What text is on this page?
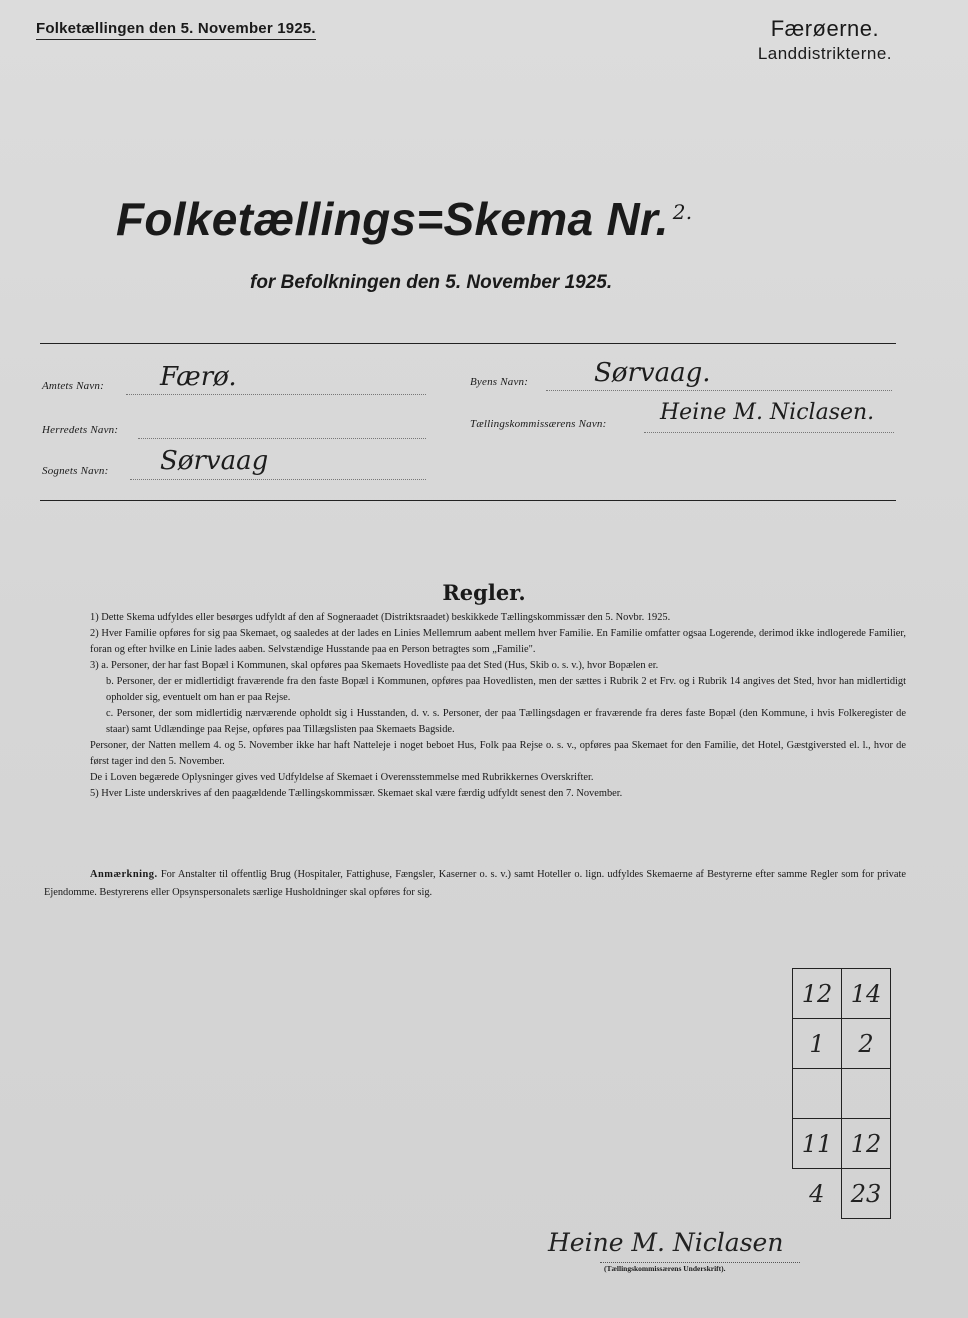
Folketællingen den 5. November 1925.	Færøerne.
Landdistrikterne.
Folketællings=Skema Nr. $^{2.}$
for Befolkningen den 5. November 1925.
Amtets Navn: Færø.
Herredets Navn:
Sognets Navn: Sørvaag
Byens Navn:	Sørvaag.
Tællingskommissærens Navn: Heine M. Niclasen.
Regler.

1) Dette Skema udfyldes eller besørges udfyldt af den af Sogneraadet (Distriktsraadet) beskikkede Tællingskommissær den 5. Novbr. 1925.

2) Hver Familie opføres for sig paa Skemaet, og saaledes at der lades en Linies Mellemrum aabent mellem hver Familie. En Familie omfatter ogsaa Logerende, derimod ikke indlogerede Familier, foran og efter hvilke en Linie lades aaben. Selvstændige Husstande paa en Person betragtes som „Familie".

3) a. Personer, der har fast Bopæl i Kommunen, skal opføres paa Skemaets Hovedliste paa det Sted (Hus, Skib o. s. v.), hvor Bopælen er.

b. Personer, der er midlertidigt fraværende fra den faste Bopæl i Kommunen, opføres paa Hovedlisten, men der sættes i Rubrik 2 et Frv. og i Rubrik 14 angives det Sted, hvor han midlertidigt opholder sig, eventuelt om han er paa Rejse.

c. Personer, der som midlertidig nærværende opholdt sig i Husstanden, d. v. s. Personer, der paa Tællingsdagen er fraværende fra deres faste Bopæl (den Kommune, i hvis Folkeregister de staar) samt Udlændinge paa Rejse, opføres paa Tillægslisten paa Skemaets Bagside.

Personer, der Natten mellem 4. og 5. November ikke har haft Natteleje i noget beboet Hus, Folk paa Rejse o. s. v., opføres paa Skemaet for den Familie, det Hotel, Gæstgiversted el. l., hvor de først tager ind den 5. November.

De i Loven begærede Oplysninger gives ved Udfyldelse af Skemaet i Overensstemmelse med Rubrikkernes Overskrifter.

5) Hver Liste underskrives af den paagældende Tællingskommissær. Skemaet skal være færdig udfyldt senest den 7. November.

Anmærkning. For Anstalter til offentlig Brug (Hospitaler, Fattighuse, Fængsler, Kaserner o. s. v.) samt Hoteller o. lign. udfyldes Skemaerne af Bestyrerne efter samme Regler som for private Ejendomme. Bestyrerens eller Opsynspersonalets særlige Husholdninger skal opføres for sig.
12	14
1	2

11	12
4	23
Heine M. Niclasen
(Tællingskommissærens Underskrift).
